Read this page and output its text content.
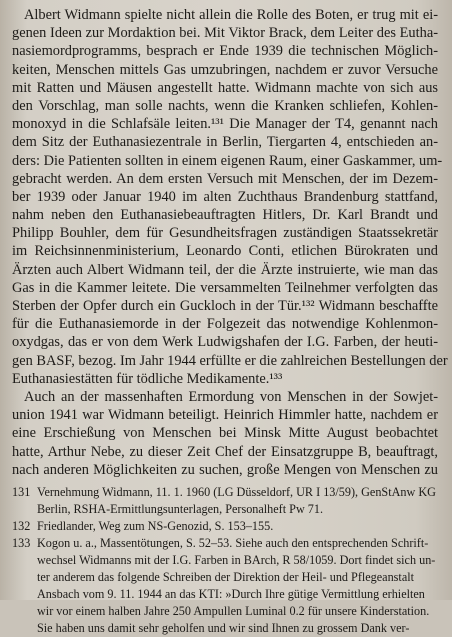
Albert Widmann spielte nicht allein die Rolle des Boten, er trug mit ei-
genen Ideen zur Mordaktion bei. Mit Viktor Brack, dem Leiter des Eutha-
nasiemordprogramms, besprach er Ende 1939 die technischen Möglich-
keiten, Menschen mittels Gas umzubringen, nachdem er zuvor Versuche
mit Ratten und Mäusen angestellt hatte. Widmann machte von sich aus
den Vorschlag, man solle nachts, wenn die Kranken schliefen, Kohlen-
monoxyd in die Schlafsäle leiten.¹³¹ Die Manager der T4, genannt nach
dem Sitz der Euthanasiezentrale in Berlin, Tiergarten 4, entschieden an-
ders: Die Patienten sollten in einem eigenen Raum, einer Gaskammer, um-
gebracht werden. An dem ersten Versuch mit Menschen, der im Dezem-
ber 1939 oder Januar 1940 im alten Zuchthaus Brandenburg stattfand,
nahm neben den Euthanasiebeauftragten Hitlers, Dr. Karl Brandt und
Philipp Bouhler, dem für Gesundheitsfragen zuständigen Staatssekretär
im Reichsinnenministerium, Leonardo Conti, etlichen Bürokraten und
Ärzten auch Albert Widmann teil, der die Ärzte instruierte, wie man das
Gas in die Kammer leitete. Die versammelten Teilnehmer verfolgten das
Sterben der Opfer durch ein Guckloch in der Tür.¹³² Widmann beschaffte
für die Euthanasiemorde in der Folgezeit das notwendige Kohlenmon-
oxydgas, das er von dem Werk Ludwigshafen der I.G. Farben, der heuti-
gen BASF, bezog. Im Jahr 1944 erfüllte er die zahlreichen Bestellungen der
Euthanasiestätten für tödliche Medikamente.¹³³
Auch an der massenhaften Ermordung von Menschen in der Sowjet-
union 1941 war Widmann beteiligt. Heinrich Himmler hatte, nachdem er
eine Erschießung von Menschen bei Minsk Mitte August beobachtet
hatte, Arthur Nebe, zu dieser Zeit Chef der Einsatzgruppe B, beauftragt,
nach anderen Möglichkeiten zu suchen, große Mengen von Menschen zu
131 Vernehmung Widmann, 11. 1. 1960 (LG Düsseldorf, UR I 13/59), GenStAnw KG
Berlin, RSHA-Ermittlungsunterlagen, Personalheft Pw 71.
132 Friedlander, Weg zum NS-Genozid, S. 153–155.
133 Kogon u. a., Massentötungen, S. 52–53. Siehe auch den entsprechenden Schrift-
wechsel Widmanns mit der I.G. Farben in BArch, R 58/1059. Dort findet sich un-
ter anderem das folgende Schreiben der Direktion der Heil- und Pflegeanstalt
Ansbach vom 9. 11. 1944 an das KTI: »Durch Ihre gütige Vermittlung erhielten
wir vor einem halben Jahre 250 Ampullen Luminal 0.2 für unsere Kinderstation.
Sie haben uns damit sehr geholfen und wir sind Ihnen zu grossem Dank ver-
